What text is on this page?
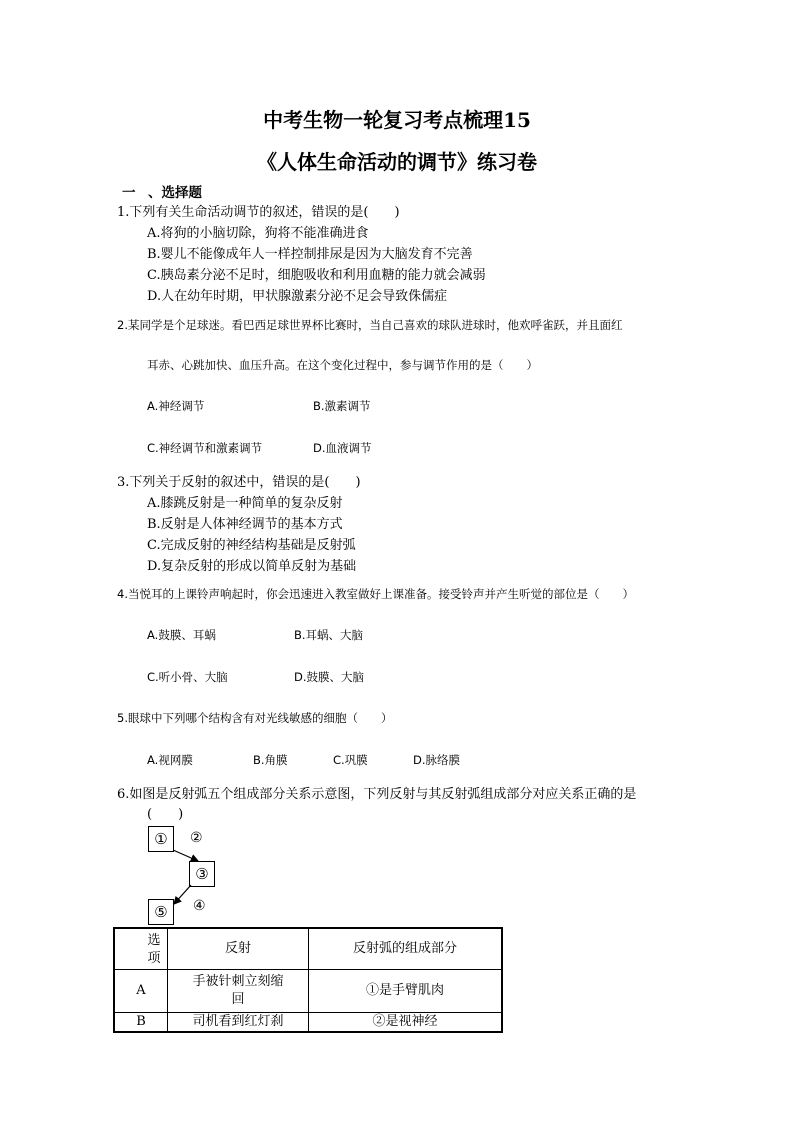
中考生物一轮复习考点梳理15
《人体生命活动的调节》练习卷
一 、选择题
1.下列有关生命活动调节的叙述，错误的是(　　)
A.将狗的小脑切除，狗将不能准确进食
B.婴儿不能像成年人一样控制排尿是因为大脑发育不完善
C.胰岛素分泌不足时，细胞吸收和利用血糖的能力就会减弱
D.人在幼年时期，甲状腺激素分泌不足会导致侏儒症
2.某同学是个足球迷。看巴西足球世界杯比赛时，当自己喜欢的球队进球时，他欢呼雀跃，并且面红
耳赤、心跳加快、血压升高。在这个变化过程中，参与调节作用的是（　　）
A.神经调节	B.激素调节
C.神经调节和激素调节	D.血液调节
3.下列关于反射的叙述中，错误的是(　　)
A.膝跳反射是一种简单的复杂反射
B.反射是人体神经调节的基本方式
C.完成反射的神经结构基础是反射弧
D.复杂反射的形成以简单反射为基础
4.当悦耳的上课铃声响起时，你会迅速进入教室做好上课准备。接受铃声并产生听觉的部位是（　　）
A.鼓膜、耳蜗	B.耳蜗、大脑
C.听小骨、大脑	D.鼓膜、大脑
5.眼球中下列哪个结构含有对光线敏感的细胞（　　）
A.视网膜	B.角膜	C.巩膜	D.脉络膜
6.如图是反射弧五个组成部分关系示意图，下列反射与其反射弧组成部分对应关系正确的是
(　　)
①	②
③
④
⑤
选项	反射	反射弧的组成部分
A	手被针刺立刻缩回	①是手臂肌肉
B	司机看到红灯刹	②是视神经
